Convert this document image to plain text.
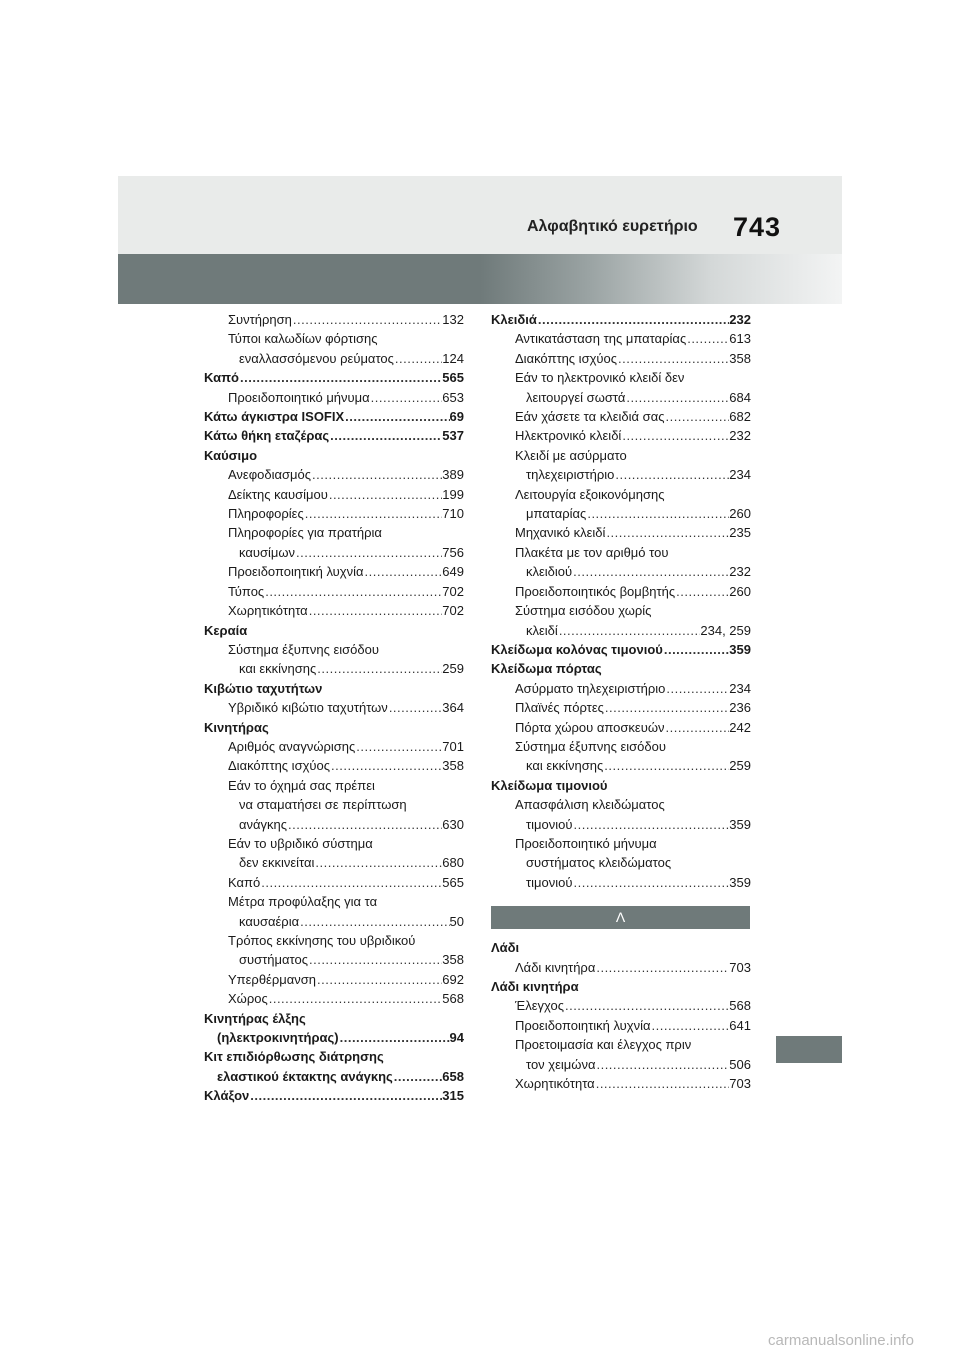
Αλφαβητικό ευρετήριο 743
Συντήρηση .....	132
Τύποι καλωδίων φόρτισης
εναλλασσόμενου ρεύματος .....	124
Καπό .....	565
Προειδοποιητικό μήνυμα .....	653
Κάτω άγκιστρα ISOFIX .....	69
Κάτω θήκη εταζέρας .....	537
Καύσιμο
Ανεφοδιασμός .....	389
Δείκτης καυσίμου .....	199
Πληροφορίες .....	710
Πληροφορίες για πρατήρια
καυσίμων .....	756
Προειδοποιητική λυχνία .....	649
Τύπος .....	702
Χωρητικότητα .....	702
Κεραία
Σύστημα έξυπνης εισόδου
και εκκίνησης .....	259
Κιβώτιο ταχυτήτων
Υβριδικό κιβώτιο ταχυτήτων .....	364
Κινητήρας
Αριθμός αναγνώρισης .....	701
Διακόπτης ισχύος .....	358
Εάν το όχημά σας πρέπει
να σταματήσει σε περίπτωση
ανάγκης .....	630
Εάν το υβριδικό σύστημα
δεν εκκινείται .....	680
Καπό .....	565
Μέτρα προφύλαξης για τα
καυσαέρια .....	50
Τρόπος εκκίνησης του υβριδικού
συστήματος .....	358
Υπερθέρμανση .....	692
Χώρος .....	568
Κινητήρας έλξης
(ηλεκτροκινητήρας) .....	94
Κιτ επιδιόρθωσης διάτρησης
ελαστικού έκτακτης ανάγκης .....	658
Κλάξον .....	315
Κλειδιά .....	232
Αντικατάσταση της μπαταρίας .....	613
Διακόπτης ισχύος .....	358
Εάν το ηλεκτρονικό κλειδί δεν
λειτουργεί σωστά .....	684
Εάν χάσετε τα κλειδιά σας .....	682
Ηλεκτρονικό κλειδί .....	232
Κλειδί με ασύρματο
τηλεχειριστήριο .....	234
Λειτουργία εξοικονόμησης
μπαταρίας .....	260
Μηχανικό κλειδί .....	235
Πλακέτα με τον αριθμό του
κλειδιού .....	232
Προειδοποιητικός βομβητής .....	260
Σύστημα εισόδου χωρίς
κλειδί .....	234, 259
Κλείδωμα κολόνας τιμονιού .....	359
Κλείδωμα πόρτας
Ασύρματο τηλεχειριστήριο .....	234
Πλαϊνές πόρτες .....	236
Πόρτα χώρου αποσκευών .....	242
Σύστημα έξυπνης εισόδου
και εκκίνησης .....	259
Κλείδωμα τιμονιού
Απασφάλιση κλειδώματος
τιμονιού .....	359
Προειδοποιητικό μήνυμα
συστήματος κλειδώματος
τιμονιού .....	359
Λ
Λάδι
Λάδι κινητήρα .....	703
Λάδι κινητήρα
Έλεγχος .....	568
Προειδοποιητική λυχνία .....	641
Προετοιμασία και έλεγχος πριν
τον χειμώνα .....	506
Χωρητικότητα .....	703
carmanualsonline.info
